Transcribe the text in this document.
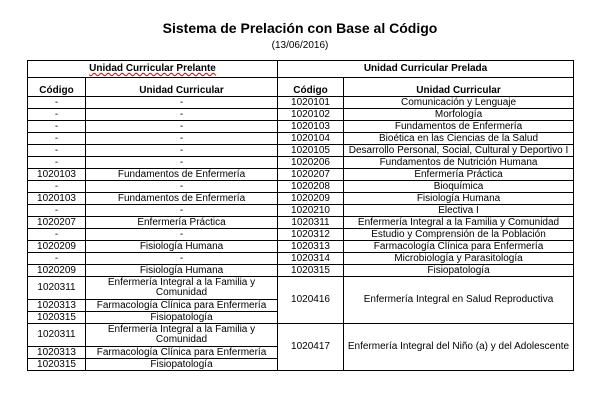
Sistema de Prelación con Base al Código
(13/06/2016)
Unidad Curricular Prelante		Unidad Curricular Prelada	
Código	Unidad Curricular	Código	Unidad Curricular
-	-	1020101	Comunicación y Lenguaje
-	-	1020102	Morfología
-	-	1020103	Fundamentos de Enfermería
-	-	1020104	Bioética en las Ciencias de la Salud
-	-	1020105	Desarrollo Personal, Social, Cultural y Deportivo I
-	-	1020206	Fundamentos de Nutrición Humana
1020103	Fundamentos de Enfermería	1020207	Enfermería Práctica
-	-	1020208	Bioquímica
1020103	Fundamentos de Enfermería	1020209	Fisiología Humana
-	-	1020210	Electiva I
1020207	Enfermería Práctica	1020311	Enfermería Integral a la Familia y Comunidad
-	-	1020312	Estudio y Comprensión de la Población
1020209	Fisiología Humana	1020313	Farmacología Clínica para Enfermería
-	-	1020314	Microbiología y Parasitología
1020209	Fisiología Humana	1020315	Fisiopatología
1020311	Enfermería Integral a la Familia y Comunidad	1020416	Enfermería Integral en Salud Reproductiva
1020313	Farmacología Clínica para Enfermería		
1020315	Fisiopatología		
1020311	Enfermería Integral a la Familia y Comunidad	1020417	Enfermería Integral del Niño (a) y del Adolescente
1020313	Farmacología Clínica para Enfermería		
1020315	Fisiopatología		
